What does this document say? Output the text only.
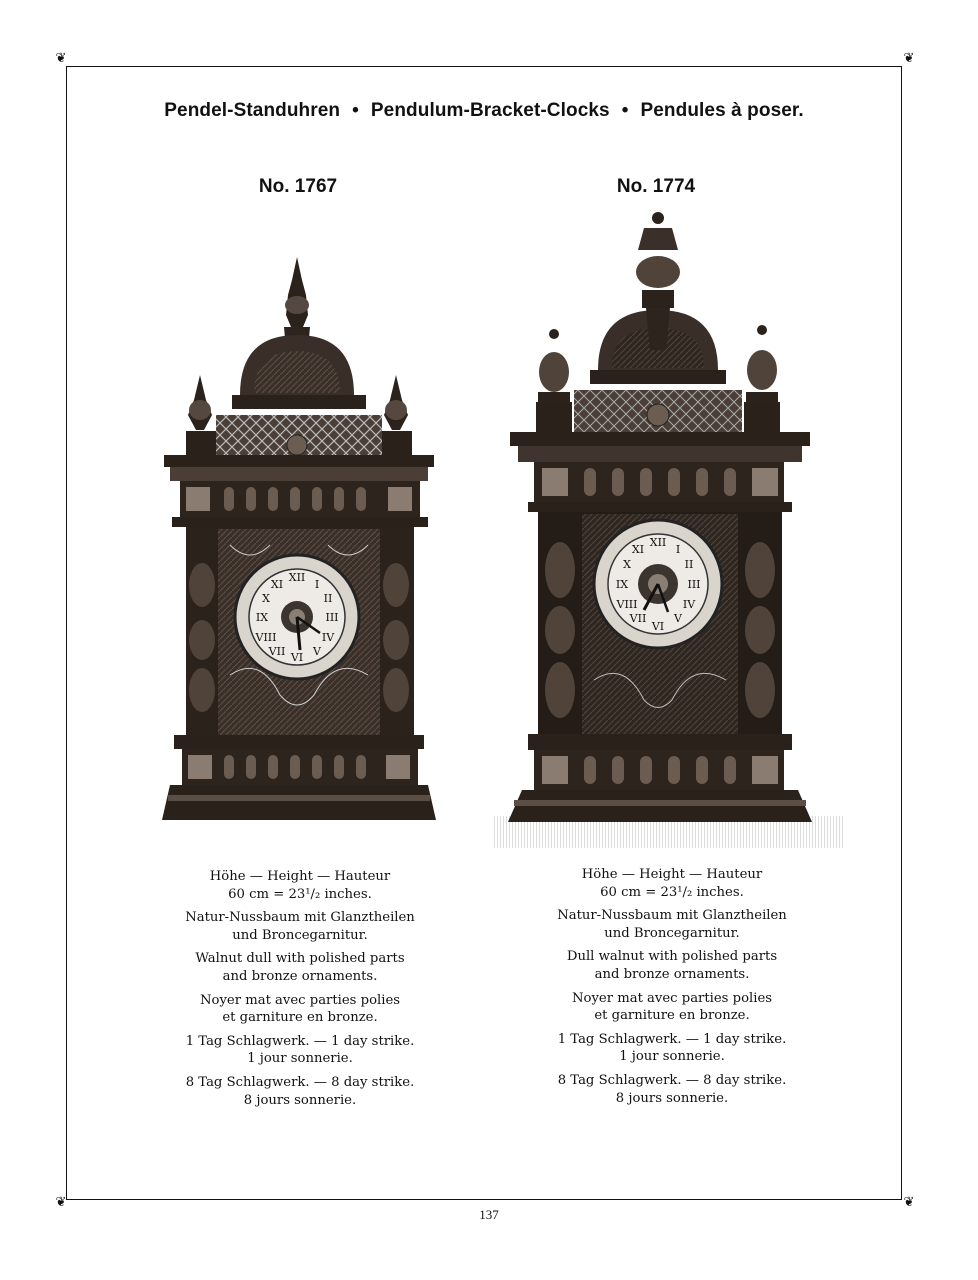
❦	❦
❦	❦
Pendel-Standuhren • Pendulum-Bracket-Clocks • Pendules à poser.
No. 1767	No. 1774
XII
III
VI
IX
I
II
IV
V
VII
VIII
X
XI
XII
III
VI
IX
I
II
IV
V
VII
VIII
X
XI

Höhe — Height — Hauteur
60 cm = 23¹/₂ inches.

Natur-Nussbaum mit Glanztheilen
und Broncegarnitur.

Walnut dull with polished parts
and bronze ornaments.

Noyer mat avec parties polies
et garniture en bronze.

1 Tag Schlagwerk. — 1 day strike.
1 jour sonnerie.

8 Tag Schlagwerk. — 8 day strike.
8 jours sonnerie.

Höhe — Height — Hauteur
60 cm = 23¹/₂ inches.

Natur-Nussbaum mit Glanztheilen
und Broncegarnitur.

Dull walnut with polished parts
and bronze ornaments.

Noyer mat avec parties polies
et garniture en bronze.

1 Tag Schlagwerk. — 1 day strike.
1 jour sonnerie.

8 Tag Schlagwerk. — 8 day strike.
8 jours sonnerie.

137
